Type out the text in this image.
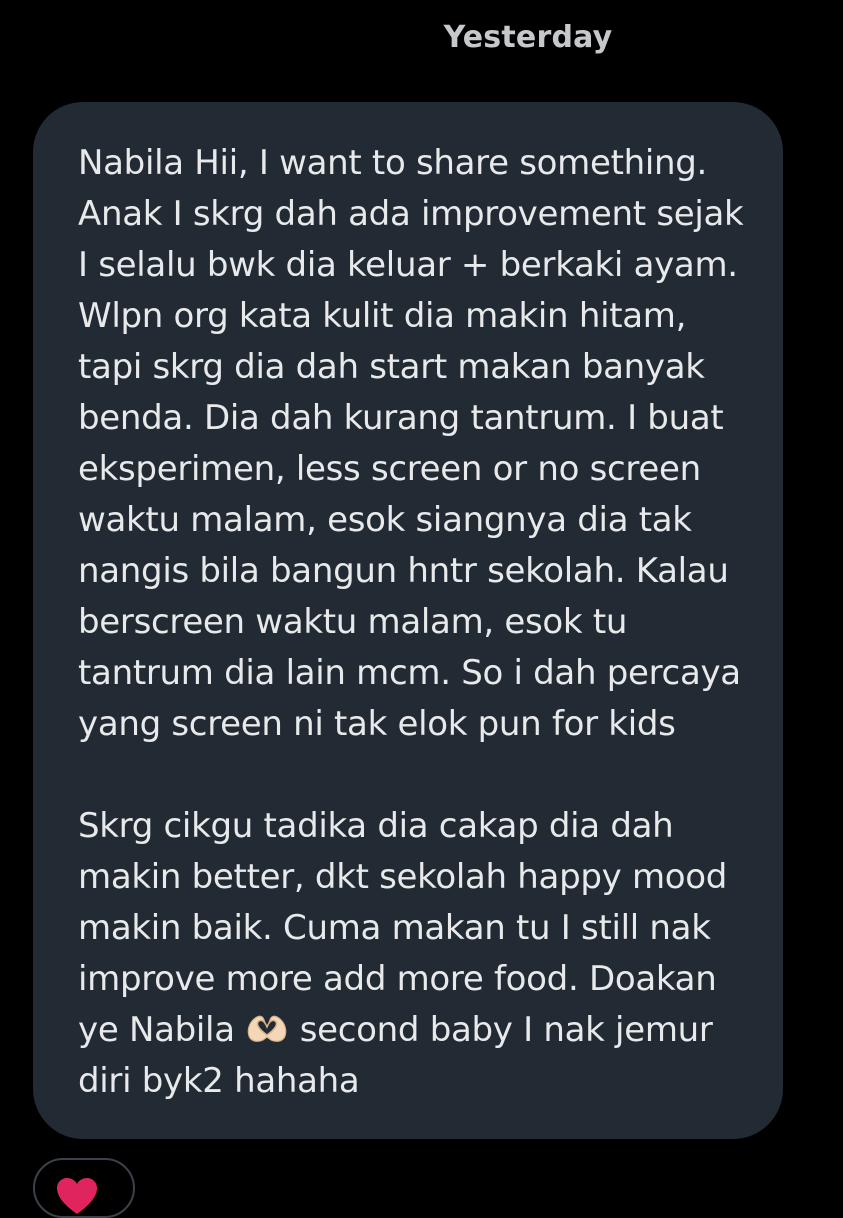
Yesterday

Nabila Hii, I want to share something.

Anak I skrg dah ada improvement sejak

I selalu bwk dia keluar + berkaki ayam.

Wlpn org kata kulit dia makin hitam,

tapi skrg dia dah start makan banyak

benda. Dia dah kurang tantrum. I buat

eksperimen, less screen or no screen

waktu malam, esok siangnya dia tak

nangis bila bangun hntr sekolah. Kalau

berscreen waktu malam, esok tu

tantrum dia lain mcm. So i dah percaya

yang screen ni tak elok pun for kids

Skrg cikgu tadika dia cakap dia dah

makin better, dkt sekolah happy mood

makin baik. Cuma makan tu I still nak

improve more add more food. Doakan

ye Nabila  second baby I nak jemur

diri byk2 hahaha
